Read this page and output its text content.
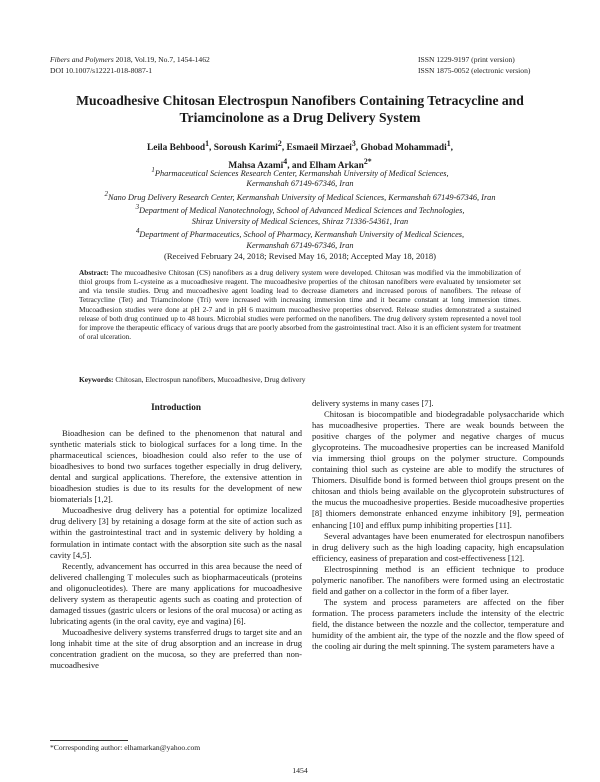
Fibers and Polymers 2018, Vol.19, No.7, 1454-1462
DOI 10.1007/s12221-018-8087-1
ISSN 1229-9197 (print version)
ISSN 1875-0052 (electronic version)
Mucoadhesive Chitosan Electrospun Nanofibers Containing Tetracycline and
Triamcinolone as a Drug Delivery System
Leila Behbood$^1$, Soroush Karimi$^2$, Esmaeil Mirzaei$^3$, Ghobad Mohammadi$^1$,
Mahsa Azami$^4$, and Elham Arkan$^{2*}$
$^1$Pharmaceutical Sciences Research Center, Kermanshah University of Medical Sciences,
Kermanshah 67149-67346, Iran
$^2$Nano Drug Delivery Research Center, Kermanshah University of Medical Sciences, Kermanshah 67149-67346, Iran
$^3$Department of Medical Nanotechnology, School of Advanced Medical Sciences and Technologies,
Shiraz University of Medical Sciences, Shiraz 71336-54361, Iran
$^4$Department of Pharmaceutics, School of Pharmacy, Kermanshah University of Medical Sciences,
Kermanshah 67149-67346, Iran
(Received February 24, 2018; Revised May 16, 2018; Accepted May 18, 2018)
Abstract: The mucoadhesive Chitosan (CS) nanofibers as a drug delivery system were developed. Chitosan was modified via the immobilization of thiol groups from L-cysteine as a mucoadhesive reagent. The mucoadhesive properties of the chitosan nanofibers were evaluated by tensiometer set and via tensile studies. Drug and mucoadhesive agent loading lead to decrease diameters and increased porous of nanofibers. The release of Tetracycline (Tet) and Triamcinolone (Tri) were increased with increasing immersion time and it became constant at long immersion times. Mucoadhesion studies were done at pH 2-7 and in pH 6 maximum mucoadhesive properties observed. Release studies demonstrated a sustained release of both drug continued up to 48 hours. Microbial studies were performed on the nanofibers. The drug delivery system represented a novel tool for improve the therapeutic efficacy of various drugs that are poorly absorbed from the gastrointestinal tract. Also it is an efficient system for treatment of oral ulceration.
Keywords: Chitosan, Electrospun nanofibers, Mucoadhesive, Drug delivery
Introduction

Bioadhesion can be defined to the phenomenon that natural and synthetic materials stick to biological surfaces for a long time. In the pharmaceutical sciences, bioadhesion could also refer to the use of bioadhesives to bond two surfaces together especially in drug delivery, dental and surgical applications. Therefore, the extensive attention in bioadhesion studies is due to its results for the development of new biomaterials [1,2].

Mucoadhesive drug delivery has a potential for optimize localized drug delivery [3] by retaining a dosage form at the site of action such as within the gastrointestinal tract and in systemic delivery by holding a formulation in intimate contact with the absorption site such as the nasal cavity [4,5].

Recently, advancement has occurred in this area because the need of delivered challenging T molecules such as biopharmaceuticals (proteins and oligonucleotides). There are many applications for mucoadhesive delivery system as therapeutic agents such as coating and protection of damaged tissues (gastric ulcers or lesions of the oral mucosa) or acting as lubricating agents (in the oral cavity, eye and vagina) [6].

Mucoadhesive delivery systems transferred drugs to target site and an long inhabit time at the site of drug absorption and an increase in drug concentration gradient on the mucosa, so they are preferred than non-mucoadhesive

delivery systems in many cases [7].

Chitosan is biocompatible and biodegradable polysaccharide which has mucoadhesive properties. There are weak bounds between the positive charges of the polymer and negative charges of mucus glycoproteins. The mucoadhesive properties can be increased Manifold via immersing thiol groups on the polymer structure. Compounds containing thiol such as cysteine are able to modify the structures of Thiomers. Disulfide bond is formed between thiol groups present on the chitosan and thiols being available on the glycoprotein substructures of the mucus the mucoadhesive properties. Beside mucoadhesive properties [8] thiomers demonstrate enhanced enzyme inhibitory [9], permeation enhancing [10] and efflux pump inhibiting properties [11].

Several advantages have been enumerated for electrospun nanofibers in drug delivery such as the high loading capacity, high encapsulation efficiency, easiness of preparation and cost-effectiveness [12].

Electrospinning method is an efficient technique to produce polymeric nanofiber. The nanofibers were formed using an electrostatic field and gather on a collector in the form of a fiber layer.

The system and process parameters are affected on the fiber formation. The process parameters include the intensity of the electric field, the distance between the nozzle and the collector, temperature and humidity of the ambient air, the type of the nozzle and the flow speed of the cooling air during the melt spinning. The system parameters have a

*Corresponding author: elhamarkan@yahoo.com
1454
